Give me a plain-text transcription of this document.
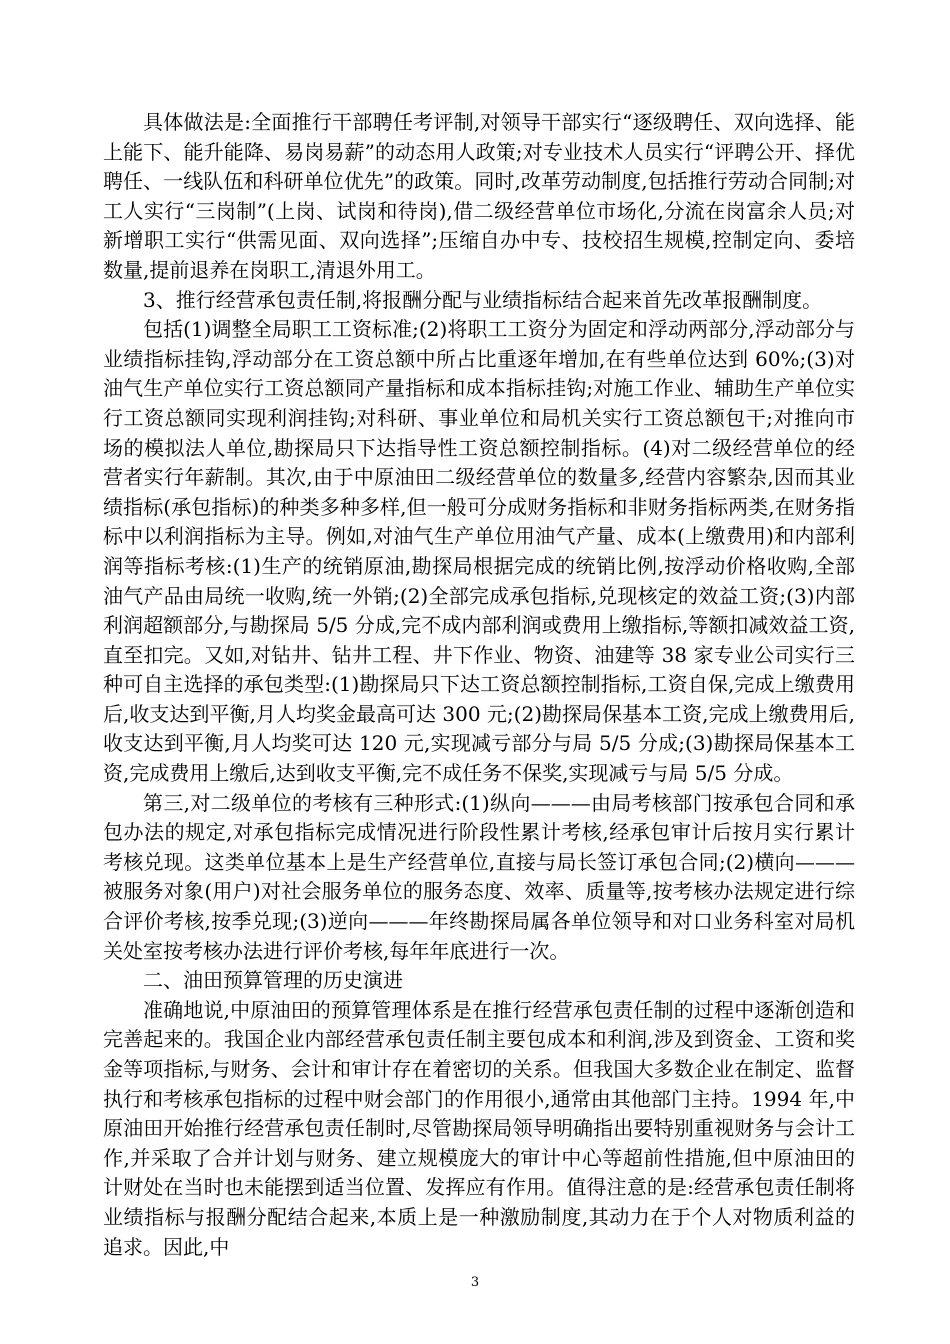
具体做法是:全面推行干部聘任考评制,对领导干部实行“逐级聘任、双向选择、能上能下、能升能降、易岗易薪”的动态用人政策;对专业技术人员实行“评聘公开、择优聘任、一线队伍和科研单位优先”的政策。同时,改革劳动制度,包括推行劳动合同制;对工人实行“三岗制”(上岗、试岗和待岗),借二级经营单位市场化,分流在岗富余人员;对新增职工实行“供需见面、双向选择”;压缩自办中专、技校招生规模,控制定向、委培数量,提前退养在岗职工,清退外用工。

3、推行经营承包责任制,将报酬分配与业绩指标结合起来首先改革报酬制度。

包括(1)调整全局职工工资标准;(2)将职工工资分为固定和浮动两部分,浮动部分与业绩指标挂钩,浮动部分在工资总额中所占比重逐年增加,在有些单位达到 60%;(3)对油气生产单位实行工资总额同产量指标和成本指标挂钩;对施工作业、辅助生产单位实行工资总额同实现利润挂钩;对科研、事业单位和局机关实行工资总额包干;对推向市场的模拟法人单位,勘探局只下达指导性工资总额控制指标。(4)对二级经营单位的经营者实行年薪制。其次,由于中原油田二级经营单位的数量多,经营内容繁杂,因而其业绩指标(承包指标)的种类多种多样,但一般可分成财务指标和非财务指标两类,在财务指标中以利润指标为主导。例如,对油气生产单位用油气产量、成本(上缴费用)和内部利润等指标考核:(1)生产的统销原油,勘探局根据完成的统销比例,按浮动价格收购,全部油气产品由局统一收购,统一外销;(2)全部完成承包指标,兑现核定的效益工资;(3)内部利润超额部分,与勘探局 5/5 分成,完不成内部利润或费用上缴指标,等额扣减效益工资,直至扣完。又如,对钻井、钻井工程、井下作业、物资、油建等 38 家专业公司实行三种可自主选择的承包类型:(1)勘探局只下达工资总额控制指标,工资自保,完成上缴费用后,收支达到平衡,月人均奖金最高可达 300 元;(2)勘探局保基本工资,完成上缴费用后,收支达到平衡,月人均奖可达 120 元,实现减亏部分与局 5/5 分成;(3)勘探局保基本工资,完成费用上缴后,达到收支平衡,完不成任务不保奖,实现减亏与局 5/5 分成。

第三,对二级单位的考核有三种形式:(1)纵向———由局考核部门按承包合同和承包办法的规定,对承包指标完成情况进行阶段性累计考核,经承包审计后按月实行累计考核兑现。这类单位基本上是生产经营单位,直接与局长签订承包合同;(2)横向———被服务对象(用户)对社会服务单位的服务态度、效率、质量等,按考核办法规定进行综合评价考核,按季兑现;(3)逆向———年终勘探局属各单位领导和对口业务科室对局机关处室按考核办法进行评价考核,每年年底进行一次。

二、油田预算管理的历史演进

准确地说,中原油田的预算管理体系是在推行经营承包责任制的过程中逐渐创造和完善起来的。我国企业内部经营承包责任制主要包成本和利润,涉及到资金、工资和奖金等项指标,与财务、会计和审计存在着密切的关系。但我国大多数企业在制定、监督执行和考核承包指标的过程中财会部门的作用很小,通常由其他部门主持。1994 年,中原油田开始推行经营承包责任制时,尽管勘探局领导明确指出要特别重视财务与会计工作,并采取了合并计划与财务、建立规模庞大的审计中心等超前性措施,但中原油田的计财处在当时也未能摆到适当位置、发挥应有作用。值得注意的是:经营承包责任制将业绩指标与报酬分配结合起来,本质上是一种激励制度,其动力在于个人对物质利益的追求。因此,中

3
